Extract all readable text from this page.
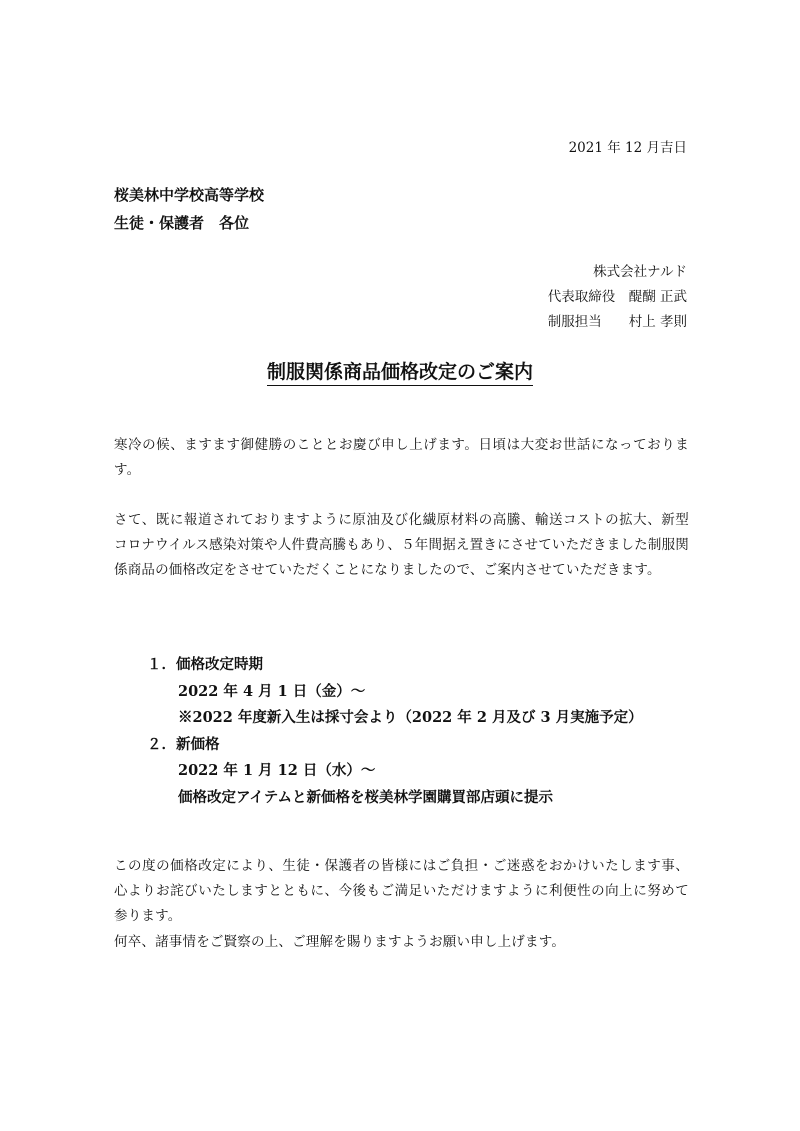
2021 年 12 月吉日
桜美林中学校高等学校
生徒・保護者　各位
株式会社ナルド
代表取締役　醍醐 正武
制服担当　　村上 孝則
制服関係商品価格改定のご案内
寒冷の候、ますます御健勝のこととお慶び申し上げます。日頃は大変お世話になっております。
さて、既に報道されておりますように原油及び化繊原材料の高騰、輸送コストの拡大、新型コロナウイルス感染対策や人件費高騰もあり、５年間据え置きにさせていただきました制服関係商品の価格改定をさせていただくことになりましたので、ご案内させていただきます。
１．価格改定時期
2022 年 4 月 1 日（金）～
※2022 年度新入生は採寸会より（2022 年 2 月及び 3 月実施予定）
２．新価格
2022 年 1 月 12 日（水）～
価格改定アイテムと新価格を桜美林学園購買部店頭に提示
この度の価格改定により、生徒・保護者の皆様にはご負担・ご迷惑をおかけいたします事、心よりお詫びいたしますとともに、今後もご満足いただけますように利便性の向上に努めて参ります。
何卒、諸事情をご賢察の上、ご理解を賜りますようお願い申し上げます。
